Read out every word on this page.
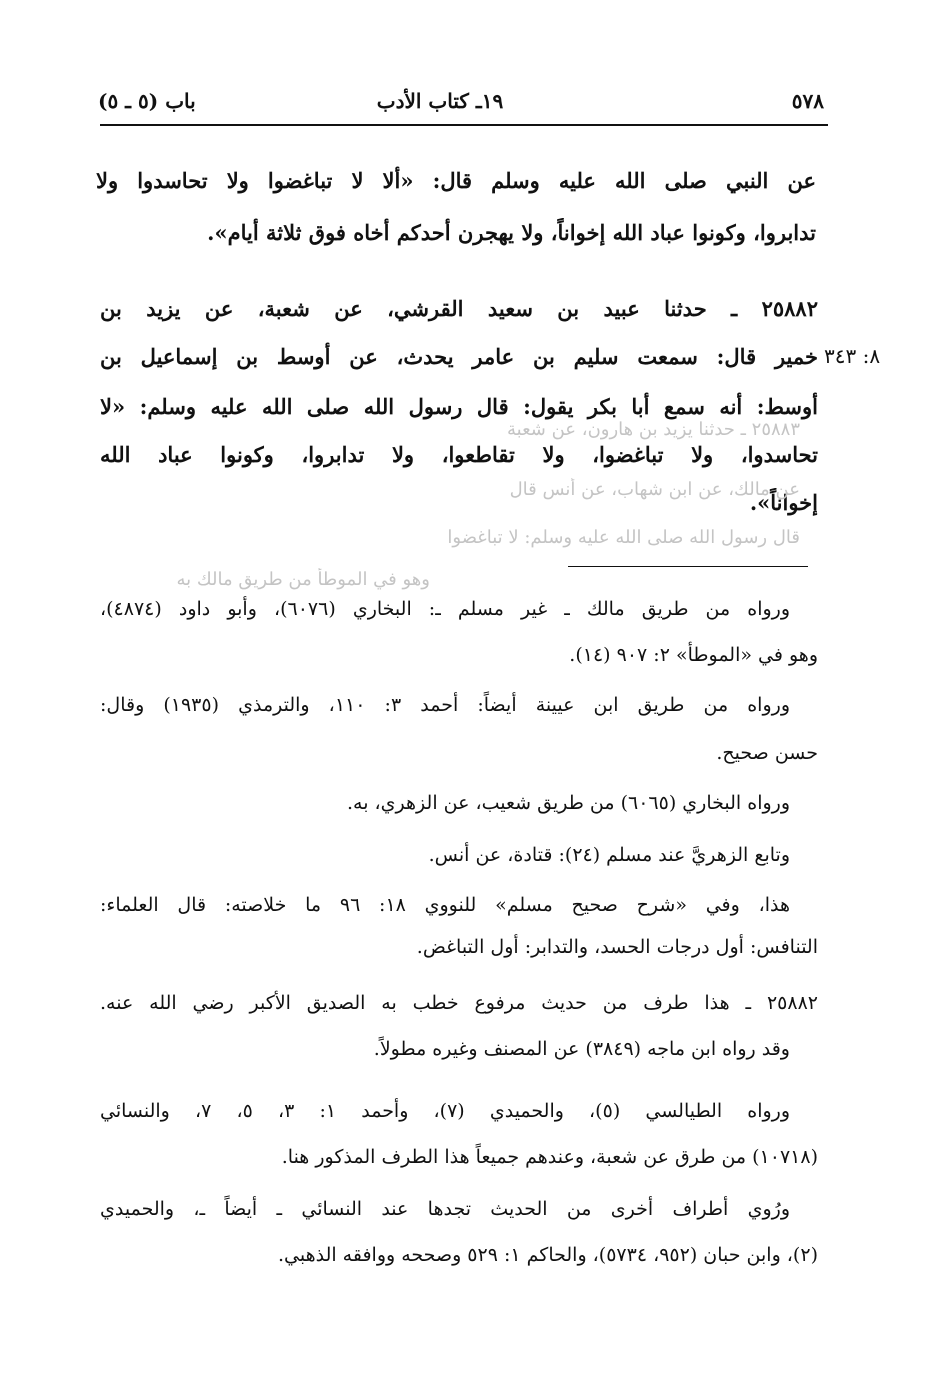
٥٧٨
١٩ـ كتاب الأدب
باب (٥ ـ ٥)
عن النبي صلى الله عليه وسلم قال: «ألا لا تباغضوا ولا تحاسدوا ولا
تدابروا، وكونوا عباد الله إخواناً، ولا يهجرن أحدكم أخاه فوق ثلاثة أيام».
٢٥٨٨٢ ـ حدثنا عبيد بن سعيد القرشي، عن شعبة، عن يزيد بن
٨: ٣٤٣
خمير قال: سمعت سليم بن عامر يحدث، عن أوسط بن إسماعيل بن
أوسط: أنه سمع أبا بكر يقول: قال رسول الله صلى الله عليه وسلم: «لا
تحاسدوا، ولا تباغضوا، ولا تقاطعوا، ولا تدابروا، وكونوا عباد الله
إخواناً».
٢٥٨٨٣ ـ حدثنا يزيد بن هارون، عن شعبة
عن مالك، عن ابن شهاب، عن أنس قال
قال رسول الله صلى الله عليه وسلم: لا تباغضوا
وهو في الموطأ من طريق مالك به
ورواه من طريق مالك ـ غير مسلم ـ: البخاري (٦٠٧٦)، وأبو داود (٤٨٧٤)،
وهو في «الموطأ» ٢: ٩٠٧ (١٤).
ورواه من طريق ابن عيينة أيضاً: أحمد ٣: ١١٠، والترمذي (١٩٣٥) وقال:
حسن صحيح.
ورواه البخاري (٦٠٦٥) من طريق شعيب، عن الزهري، به.
وتابع الزهريَّ عند مسلم (٢٤): قتادة، عن أنس.
هذا، وفي «شرح صحيح مسلم» للنووي ١٨: ٩٦ ما خلاصته: قال العلماء:
التنافس: أول درجات الحسد، والتدابر: أول التباغض.
٢٥٨٨٢ ـ هذا طرف من حديث مرفوع خطب به الصديق الأكبر رضي الله عنه.
وقد رواه ابن ماجه (٣٨٤٩) عن المصنف وغيره مطولاً.
ورواه الطيالسي (٥)، والحميدي (٧)، وأحمد ١: ٣، ٥، ٧، والنسائي
(١٠٧١٨) من طرق عن شعبة، وعندهم جميعاً هذا الطرف المذكور هنا.
ورُوي أطراف أخرى من الحديث تجدها عند النسائي ـ أيضاً ـ، والحميدي
(٢)، وابن حبان (٩٥٢، ٥٧٣٤)، والحاكم ١: ٥٢٩ وصححه ووافقه الذهبي.
